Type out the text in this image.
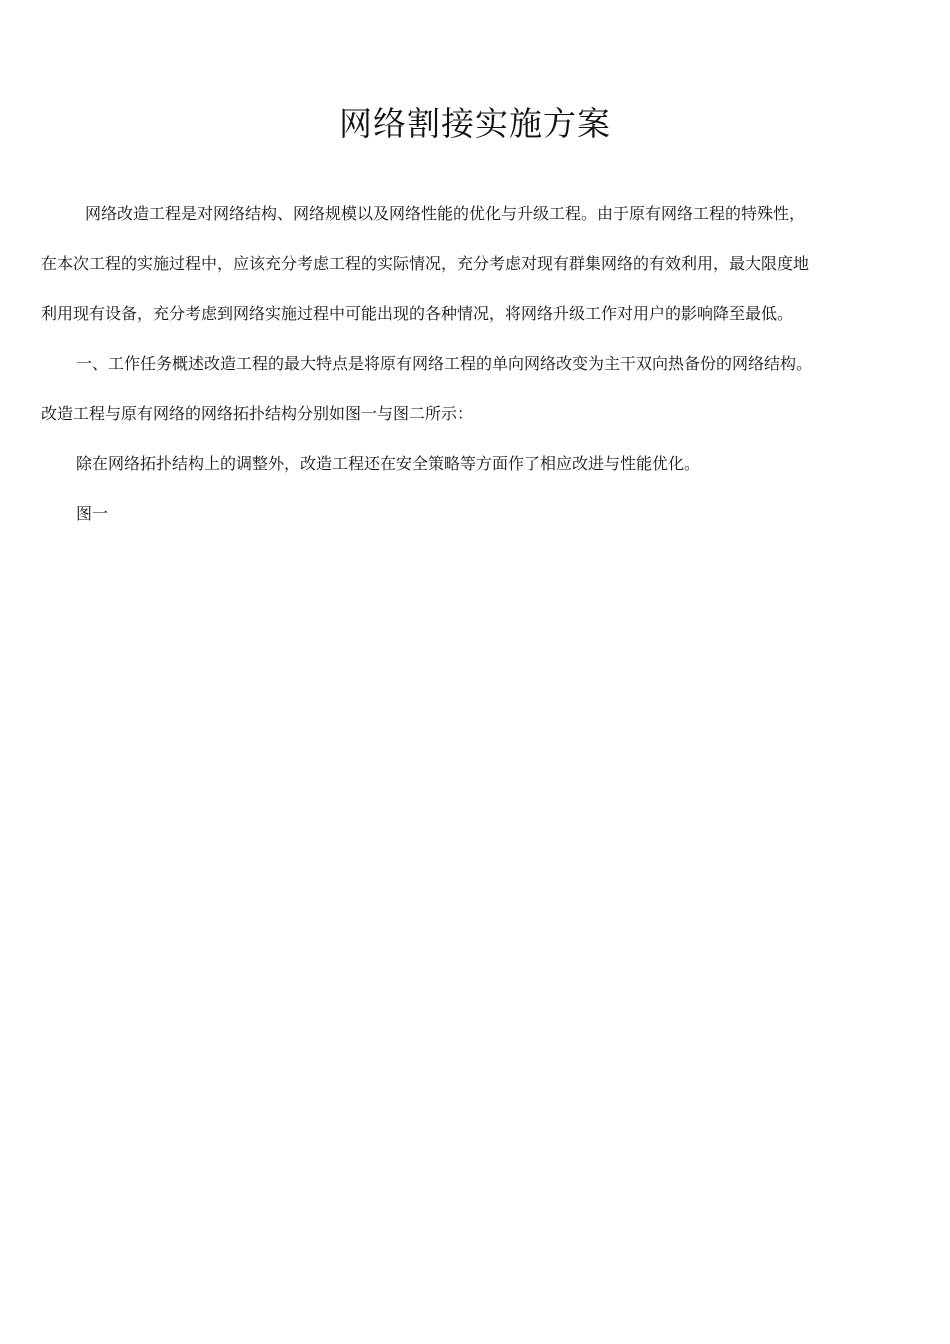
网络割接实施方案
网络改造工程是对网络结构、网络规模以及网络性能的优化与升级工程。由于原有网络工程的特殊性，
在本次工程的实施过程中，应该充分考虑工程的实际情况，充分考虑对现有群集网络的有效利用，最大限度地
利用现有设备，充分考虑到网络实施过程中可能出现的各种情况，将网络升级工作对用户的影响降至最低。
一、工作任务概述改造工程的最大特点是将原有网络工程的单向网络改变为主干双向热备份的网络结构。
改造工程与原有网络的网络拓扑结构分别如图一与图二所示：
除在网络拓扑结构上的调整外，改造工程还在安全策略等方面作了相应改进与性能优化。
图一
